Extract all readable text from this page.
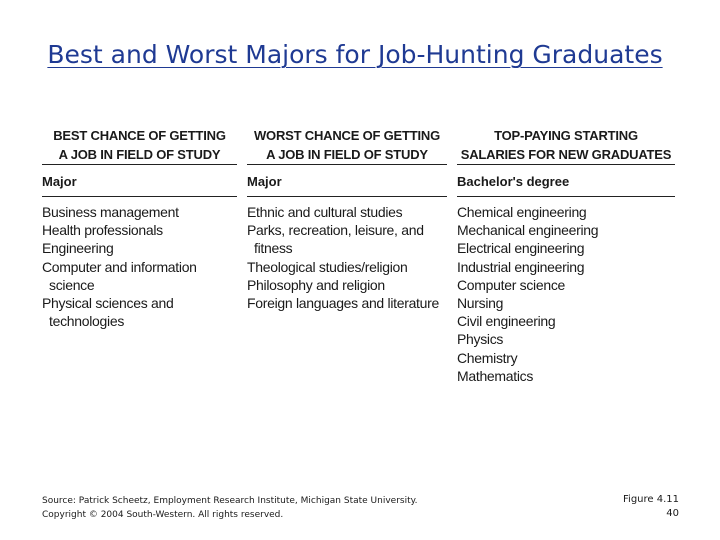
Best and Worst Majors for Job-Hunting Graduates
BEST CHANCE OF GETTING
A JOB IN FIELD OF STUDY
Major
Business management
Health professionals
Engineering
Computer and information
science
Physical sciences and
technologies
WORST CHANCE OF GETTING
A JOB IN FIELD OF STUDY
Major
Ethnic and cultural studies
Parks, recreation, leisure, and
fitness
Theological studies/religion
Philosophy and religion
Foreign languages and literature
TOP-PAYING STARTING
SALARIES FOR NEW GRADUATES
Bachelor's degree
Chemical engineering
Mechanical engineering
Electrical engineering
Industrial engineering
Computer science
Nursing
Civil engineering
Physics
Chemistry
Mathematics
Source: Patrick Scheetz, Employment Research Institute, Michigan State University.
Copyright © 2004 South-Western. All rights reserved.
Figure 4.11
40
